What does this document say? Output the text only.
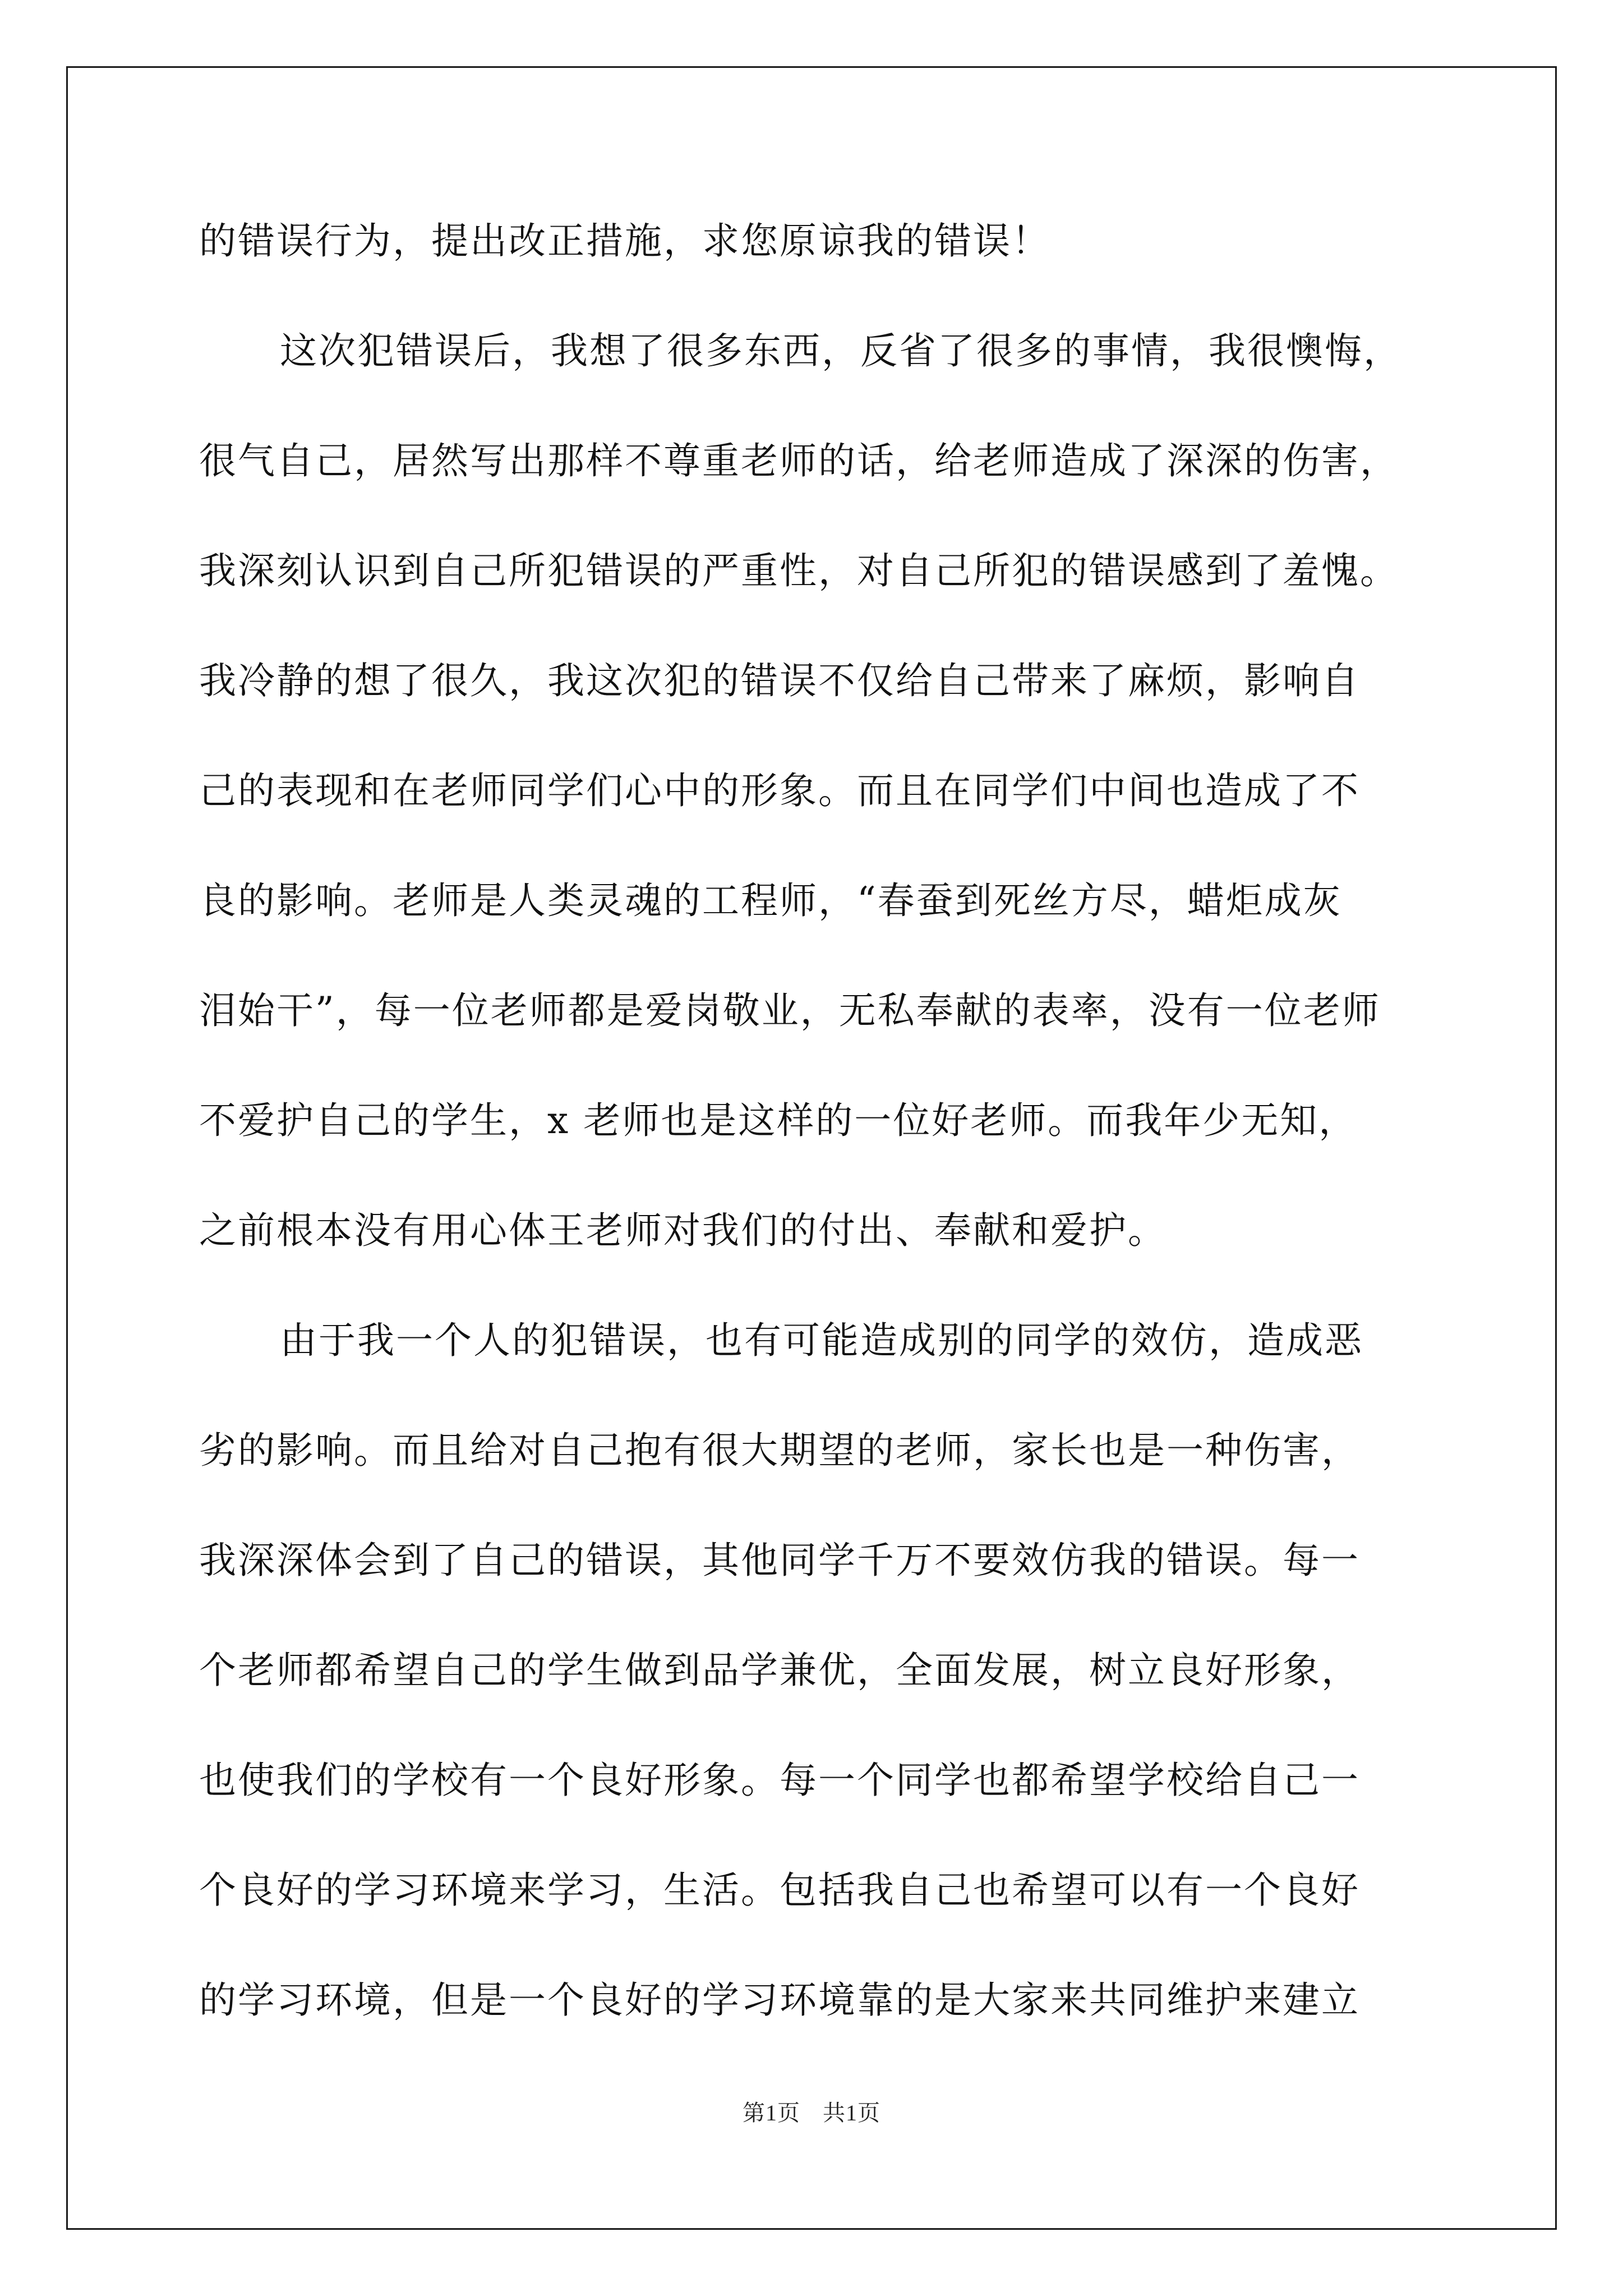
的错误行为，提出改正措施，求您原谅我的错误！
这次犯错误后，我想了很多东西，反省了很多的事情，我很懊悔，
很气自己，居然写出那样不尊重老师的话，给老师造成了深深的伤害，
我深刻认识到自己所犯错误的严重性，对自己所犯的错误感到了羞愧。
我冷静的想了很久，我这次犯的错误不仅给自己带来了麻烦，影响自
己的表现和在老师同学们心中的形象。而且在同学们中间也造成了不
良的影响。老师是人类灵魂的工程师，“春蚕到死丝方尽，蜡炬成灰
泪始干”，每一位老师都是爱岗敬业，无私奉献的表率，没有一位老师
不爱护自己的学生，x 老师也是这样的一位好老师。而我年少无知，
之前根本没有用心体王老师对我们的付出、奉献和爱护。
由于我一个人的犯错误，也有可能造成别的同学的效仿，造成恶
劣的影响。而且给对自己抱有很大期望的老师，家长也是一种伤害，
我深深体会到了自己的错误，其他同学千万不要效仿我的错误。每一
个老师都希望自己的学生做到品学兼优，全面发展，树立良好形象，
也使我们的学校有一个良好形象。每一个同学也都希望学校给自己一
个良好的学习环境来学习，生活。包括我自己也希望可以有一个良好
的学习环境，但是一个良好的学习环境靠的是大家来共同维护来建立
第1页 共1页
